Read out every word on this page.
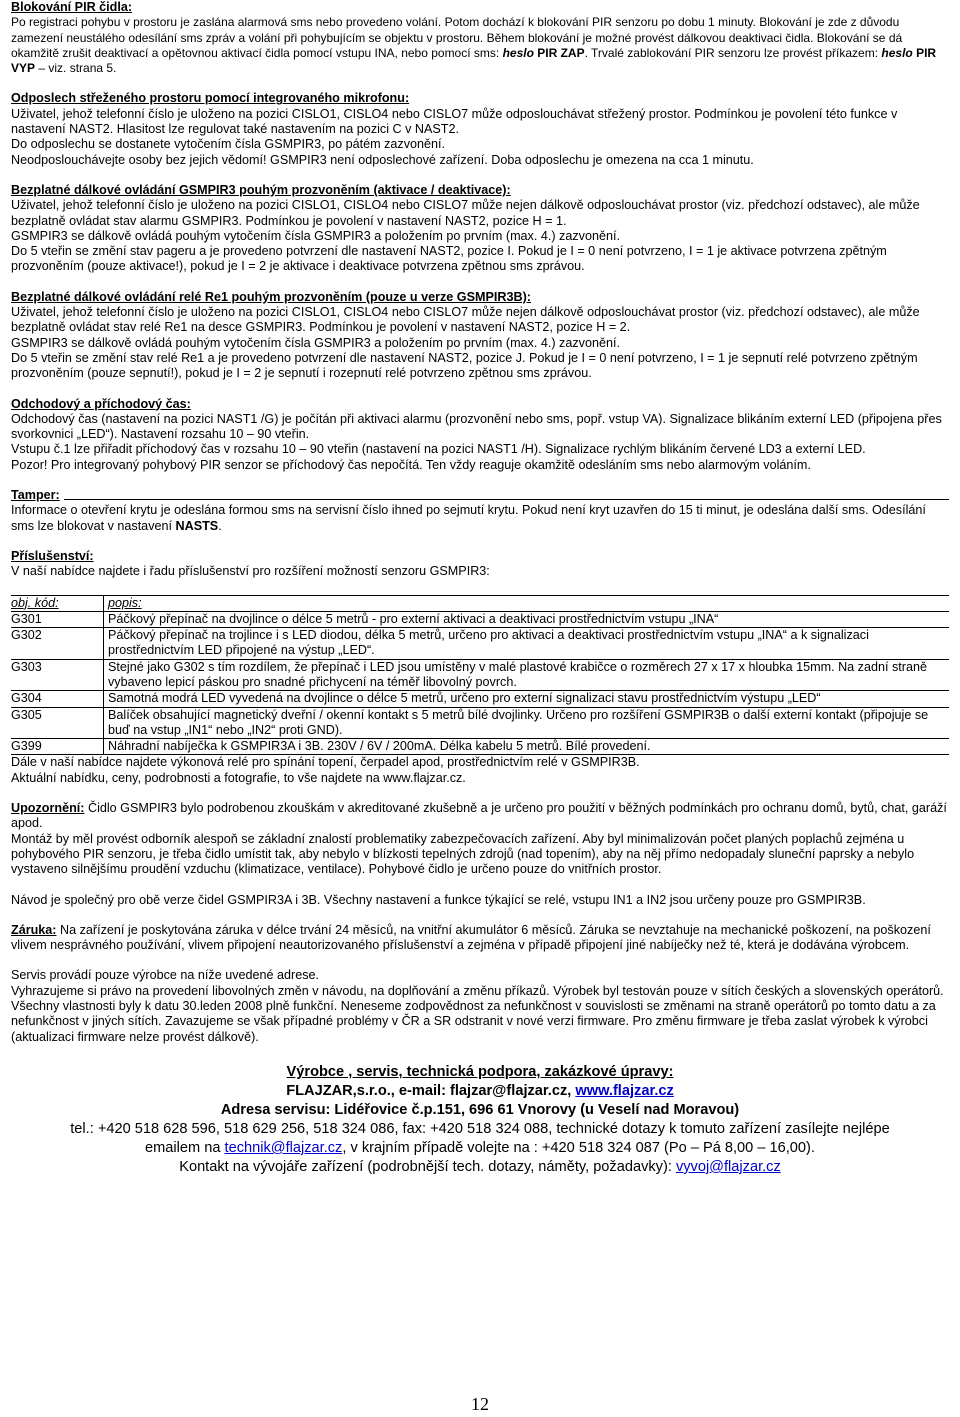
Blokování PIR čidla:

Po registraci pohybu v prostoru je zaslána alarmová sms nebo provedeno volání. Potom dochází k blokování PIR senzoru po dobu 1 minuty. Blokování je zde z důvodu zamezení neustálého odesílání sms zpráv a volání při pohybujícím se objektu v prostoru. Během blokování je možné provést dálkovou deaktivaci čidla. Blokování se dá okamžitě zrušit deaktivací a opětovnou aktivací čidla pomocí vstupu INA, nebo pomocí sms: heslo PIR ZAP. Trvalé zablokování PIR senzoru lze provést příkazem: heslo PIR VYP – viz. strana 5.

Odposlech střeženého prostoru pomocí integrovaného mikrofonu:

Uživatel, jehož telefonní číslo je uloženo na pozici CISLO1, CISLO4 nebo CISLO7 může odposlouchávat střežený prostor. Podmínkou je povolení této funkce v nastavení NAST2. Hlasitost lze regulovat také nastavením na pozici C v NAST2.

Do odposlechu se dostanete vytočením čísla GSMPIR3, po pátém zazvonění.

Neodposlouchávejte osoby bez jejich vědomí! GSMPIR3 není odposlechové zařízení. Doba odposlechu je omezena na cca 1 minutu.

Bezplatné dálkové ovládání GSMPIR3 pouhým prozvoněním (aktivace / deaktivace):

Uživatel, jehož telefonní číslo je uloženo na pozici CISLO1, CISLO4 nebo CISLO7 může nejen dálkově odposlouchávat prostor (viz. předchozí odstavec), ale může bezplatně ovládat stav alarmu GSMPIR3. Podmínkou je povolení v nastavení NAST2, pozice H = 1.

GSMPIR3 se dálkově ovládá pouhým vytočením čísla GSMPIR3 a položením po prvním (max. 4.) zazvonění.

Do 5 vteřin se změní stav pageru a je provedeno potvrzení dle nastavení NAST2, pozice I. Pokud je I = 0 není potvrzeno, I = 1 je aktivace potvrzena zpětným prozvoněním (pouze aktivace!), pokud je I = 2 je aktivace i deaktivace potvrzena zpětnou sms zprávou.

Bezplatné dálkové ovládání relé Re1 pouhým prozvoněním (pouze u verze GSMPIR3B):

Uživatel, jehož telefonní číslo je uloženo na pozici CISLO1, CISLO4 nebo CISLO7 může nejen dálkově odposlouchávat prostor (viz. předchozí odstavec), ale může bezplatně ovládat stav relé Re1 na desce GSMPIR3. Podmínkou je povolení v nastavení NAST2, pozice H = 2.

GSMPIR3 se dálkově ovládá pouhým vytočením čísla GSMPIR3 a položením po prvním (max. 4.) zazvonění.

Do 5 vteřin se změní stav relé Re1 a je provedeno potvrzení dle nastavení NAST2, pozice J. Pokud je I = 0 není potvrzeno, I = 1 je sepnutí relé potvrzeno zpětným prozvoněním (pouze sepnutí!), pokud je I = 2 je sepnutí i rozepnutí relé potvrzeno zpětnou sms zprávou.

Odchodový a příchodový čas:

Odchodový čas (nastavení na pozici NAST1 /G) je počítán při aktivaci alarmu (prozvonění nebo sms, popř. vstup VA). Signalizace blikáním externí LED (připojena přes svorkovnici „LED“). Nastavení rozsahu 10 – 90 vteřin.

Vstupu č.1 lze přiřadit příchodový čas v rozsahu 10 – 90 vteřin (nastavení na pozici NAST1 /H). Signalizace rychlým blikáním červené LD3 a externí LED.

Pozor! Pro integrovaný pohybový PIR senzor se příchodový čas nepočítá. Ten vždy reaguje okamžitě odesláním sms nebo alarmovým voláním.

Tamper:

Informace o otevření krytu je odeslána formou sms na servisní číslo ihned po sejmutí krytu. Pokud není kryt uzavřen do 15 ti minut, je odeslána další sms. Odesílání sms lze blokovat v nastavení NASTS.

Příslušenství:

V naší nabídce najdete i řadu příslušenství pro rozšíření možností senzoru GSMPIR3:

obj. kód:	popis:
G301	Páčkový přepínač na dvojlince o délce 5 metrů - pro externí aktivaci a deaktivaci prostřednictvím vstupu „INA“
G302	Páčkový přepínač na trojlince i s LED diodou, délka 5 metrů, určeno pro aktivaci a deaktivaci prostřednictvím vstupu „INA“ a k signalizaci prostřednictvím LED připojené na výstup „LED“.
G303	Stejné jako G302 s tím rozdílem, že přepínač i LED jsou umístěny v malé plastové krabičce o rozměrech 27 x 17 x hloubka 15mm. Na zadní straně vybaveno lepicí páskou pro snadné přichycení na téměř libovolný povrch.
G304	Samotná modrá LED vyvedená na dvojlince o délce 5 metrů, určeno pro externí signalizaci stavu prostřednictvím výstupu „LED“
G305	Balíček obsahující magnetický dveřní / okenní kontakt s 5 metrů bílé dvojlinky. Určeno pro rozšíření GSMPIR3B o další externí kontakt (připojuje se buď na vstup „IN1“ nebo „IN2“ proti GND).
G399	Náhradní nabíječka k GSMPIR3A i 3B. 230V / 6V / 200mA. Délka kabelu 5 metrů. Bílé provedení.

Dále v naší nabídce najdete výkonová relé pro spínání topení, čerpadel apod, prostřednictvím relé v GSMPIR3B.

Aktuální nabídku, ceny, podrobnosti a fotografie, to vše najdete na www.flajzar.cz.

Upozornění: Čidlo GSMPIR3 bylo podrobenou zkouškám v akreditované zkušebně a je určeno pro použití v běžných podmínkách pro ochranu domů, bytů, chat, garáží apod.

Montáž by měl provést odborník alespoň se základní znalostí problematiky zabezpečovacích zařízení. Aby byl minimalizován počet planých poplachů zejména u pohybového PIR senzoru, je třeba čidlo umístit tak, aby nebylo v blízkosti tepelných zdrojů (nad topením), aby na něj přímo nedopadaly sluneční paprsky a nebylo vystaveno silnějšímu proudění vzduchu (klimatizace, ventilace). Pohybové čidlo je určeno pouze do vnitřních prostor.

Návod je společný pro obě verze čidel GSMPIR3A i 3B. Všechny nastavení a funkce týkající se relé, vstupu IN1 a IN2 jsou určeny pouze pro GSMPIR3B.

Záruka: Na zařízení je poskytována záruka v délce trvání 24 měsíců, na vnitřní akumulátor 6 měsíců. Záruka se nevztahuje na mechanické poškození, na poškození vlivem nesprávného používání, vlivem připojení neautorizovaného příslušenství a zejména v případě připojení jiné nabíječky než té, která je dodávána výrobcem.

Servis provádí pouze výrobce na níže uvedené adrese.

Vyhrazujeme si právo na provedení libovolných změn v návodu, na doplňování a změnu příkazů. Výrobek byl testován pouze v sítích českých a slovenských operátorů. Všechny vlastnosti byly k datu 30.leden 2008 plně funkční. Neneseme zodpovědnost za nefunkčnost v souvislosti se změnami na straně operátorů po tomto datu a za nefunkčnost v jiných sítích. Zavazujeme se však případné problémy v ČR a SR odstranit v nové verzi firmware. Pro změnu firmware je třeba zaslat výrobek k výrobci (aktualizaci firmware nelze provést dálkově).

Výrobce , servis, technická podpora, zakázkové úpravy:

FLAJZAR,s.r.o., e-mail: flajzar@flajzar.cz, www.flajzar.cz

Adresa servisu: Lidéřovice č.p.151, 696 61 Vnorovy (u Veselí nad Moravou)

tel.: +420 518 628 596, 518 629 256, 518 324 086, fax: +420 518 324 088, technické dotazy k tomuto zařízení zasílejte nejlépe

emailem na technik@flajzar.cz, v krajním případě volejte na : +420 518 324 087 (Po – Pá 8,00 – 16,00).

Kontakt na vývojáře zařízení (podrobnější tech. dotazy, náměty, požadavky): vyvoj@flajzar.cz

12
